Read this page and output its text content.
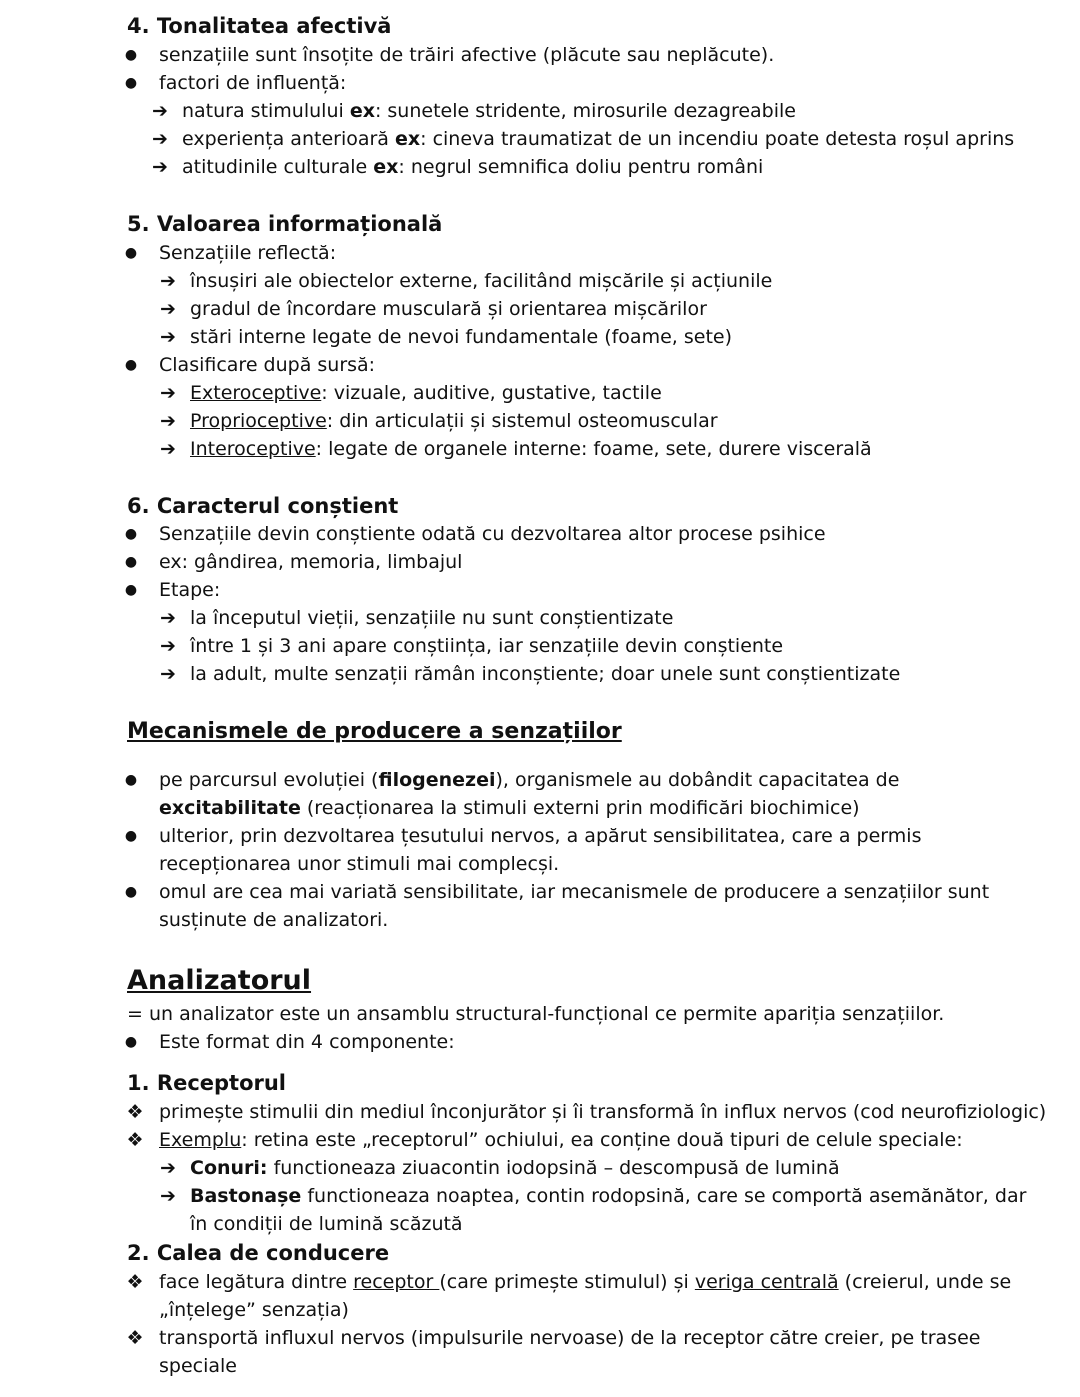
4. Tonalitatea afectivă
●	senzațiile sunt însoțite de trăiri afective (plăcute sau neplăcute).
●	factori de influență:
➔ natura stimulului ex: sunetele stridente, mirosurile dezagreabile
➔ experiența anterioară ex: cineva traumatizat de un incendiu poate detesta roșul aprins
➔ atitudinile culturale ex: negrul semnifica doliu pentru români
5. Valoarea informațională
●	Senzațiile reflectă:
➔ însușiri ale obiectelor externe, facilitând mișcările și acțiunile
➔ gradul de încordare musculară și orientarea mișcărilor
➔ stări interne legate de nevoi fundamentale (foame, sete)
●	Clasificare după sursă:
➔ Exteroceptive: vizuale, auditive, gustative, tactile
➔ Proprioceptive: din articulații și sistemul osteomuscular
➔ Interoceptive: legate de organele interne: foame, sete, durere viscerală
6. Caracterul conștient
●	Senzațiile devin conștiente odată cu dezvoltarea altor procese psihice
●	ex: gândirea, memoria, limbajul
●	Etape:
➔ la începutul vieții, senzațiile nu sunt conștientizate
➔ între 1 și 3 ani apare conștiința, iar senzațiile devin conștiente
➔ la adult, multe senzații rămân inconștiente; doar unele sunt conștientizate
Mecanismele de producere a senzațiilor
●	pe parcursul evoluției (filogenezei), organismele au dobândit capacitatea de
excitabilitate (reacționarea la stimuli externi prin modificări biochimice)
●	ulterior, prin dezvoltarea țesutului nervos, a apărut sensibilitatea, care a permis
recepționarea unor stimuli mai complecși.
●	omul are cea mai variată sensibilitate, iar mecanismele de producere a senzațiilor sunt
susținute de analizatori.
Analizatorul
= un analizator este un ansamblu structural-funcțional ce permite apariția senzațiilor.
●	Este format din 4 componente:
1. Receptorul
❖ primește stimulii din mediul înconjurător și îi transformă în influx nervos (cod neurofiziologic)
❖ Exemplu: retina este „receptorul” ochiului, ea conține două tipuri de celule speciale:
➔ Conuri: functioneaza ziuacontin iodopsină – descompusă de lumină
➔ Bastonașe functioneaza noaptea, contin rodopsină, care se comportă asemănător, dar
în condiții de lumină scăzută
2. Calea de conducere
❖ face legătura dintre receptor (care primește stimulul) și veriga centrală (creierul, unde se
„înțelege” senzația)
❖ transportă influxul nervos (impulsurile nervoase) de la receptor către creier, pe trasee
speciale
